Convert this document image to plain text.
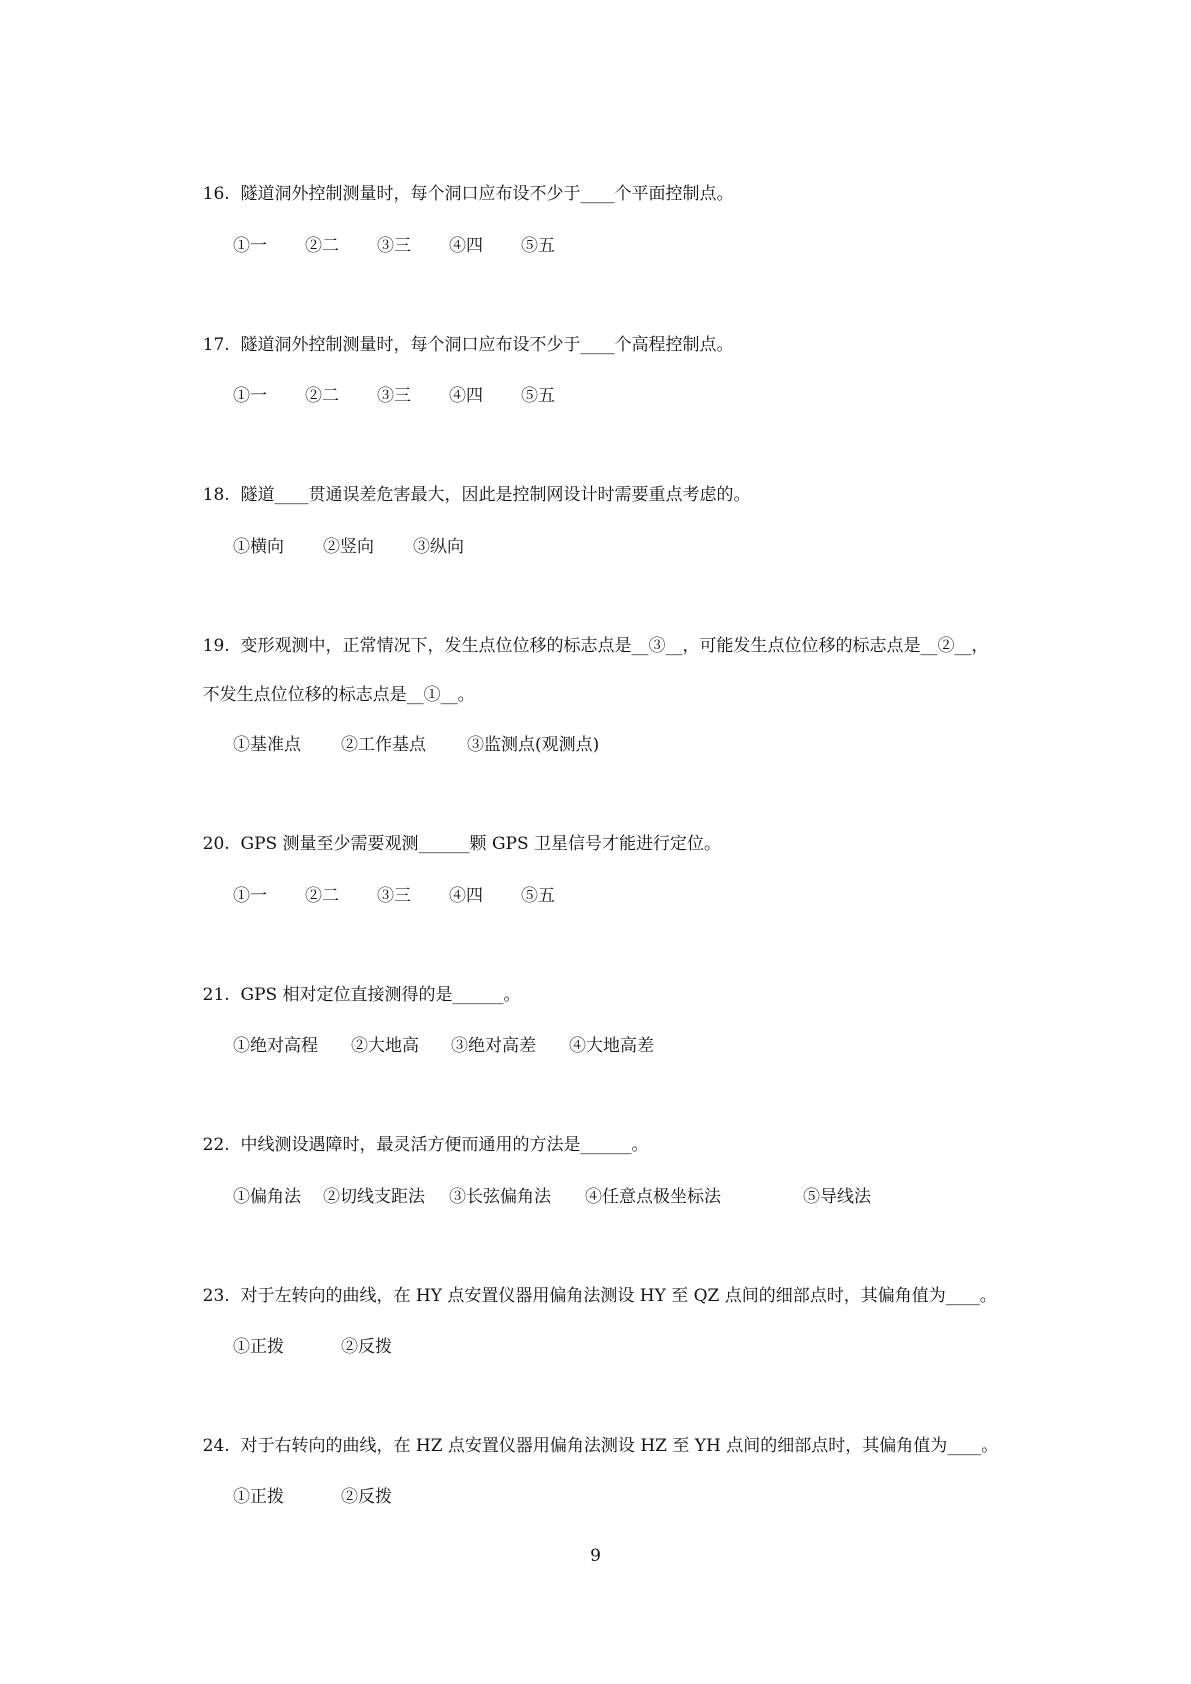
16. 隧道洞外控制测量时，每个洞口应布设不少于____个平面控制点。

①一

②二

③三

④四

⑤五

17. 隧道洞外控制测量时，每个洞口应布设不少于____个高程控制点。

①一

②二

③三

④四

⑤五

18. 隧道____贯通误差危害最大，因此是控制网设计时需要重点考虑的。

①横向

②竖向

③纵向

19. 变形观测中，正常情况下，发生点位位移的标志点是__③__，可能发生点位位移的标志点是__②__，

不发生点位位移的标志点是__①__。

①基准点

②工作基点

③监测点(观测点)

20. GPS 测量至少需要观测______颗 GPS 卫星信号才能进行定位。

①一

②二

③三

④四

⑤五

21. GPS 相对定位直接测得的是______。

①绝对高程

②大地高

③绝对高差

④大地高差

22. 中线测设遇障时，最灵活方便而通用的方法是______。

①偏角法

②切线支距法

③长弦偏角法

④任意点极坐标法

	⑤导线法

23. 对于左转向的曲线，在 HY 点安置仪器用偏角法测设 HY 至 QZ 点间的细部点时，其偏角值为____。

①正拨

	②反拨

24. 对于右转向的曲线，在 HZ 点安置仪器用偏角法测设 HZ 至 YH 点间的细部点时，其偏角值为____。

①正拨

	②反拨

9
